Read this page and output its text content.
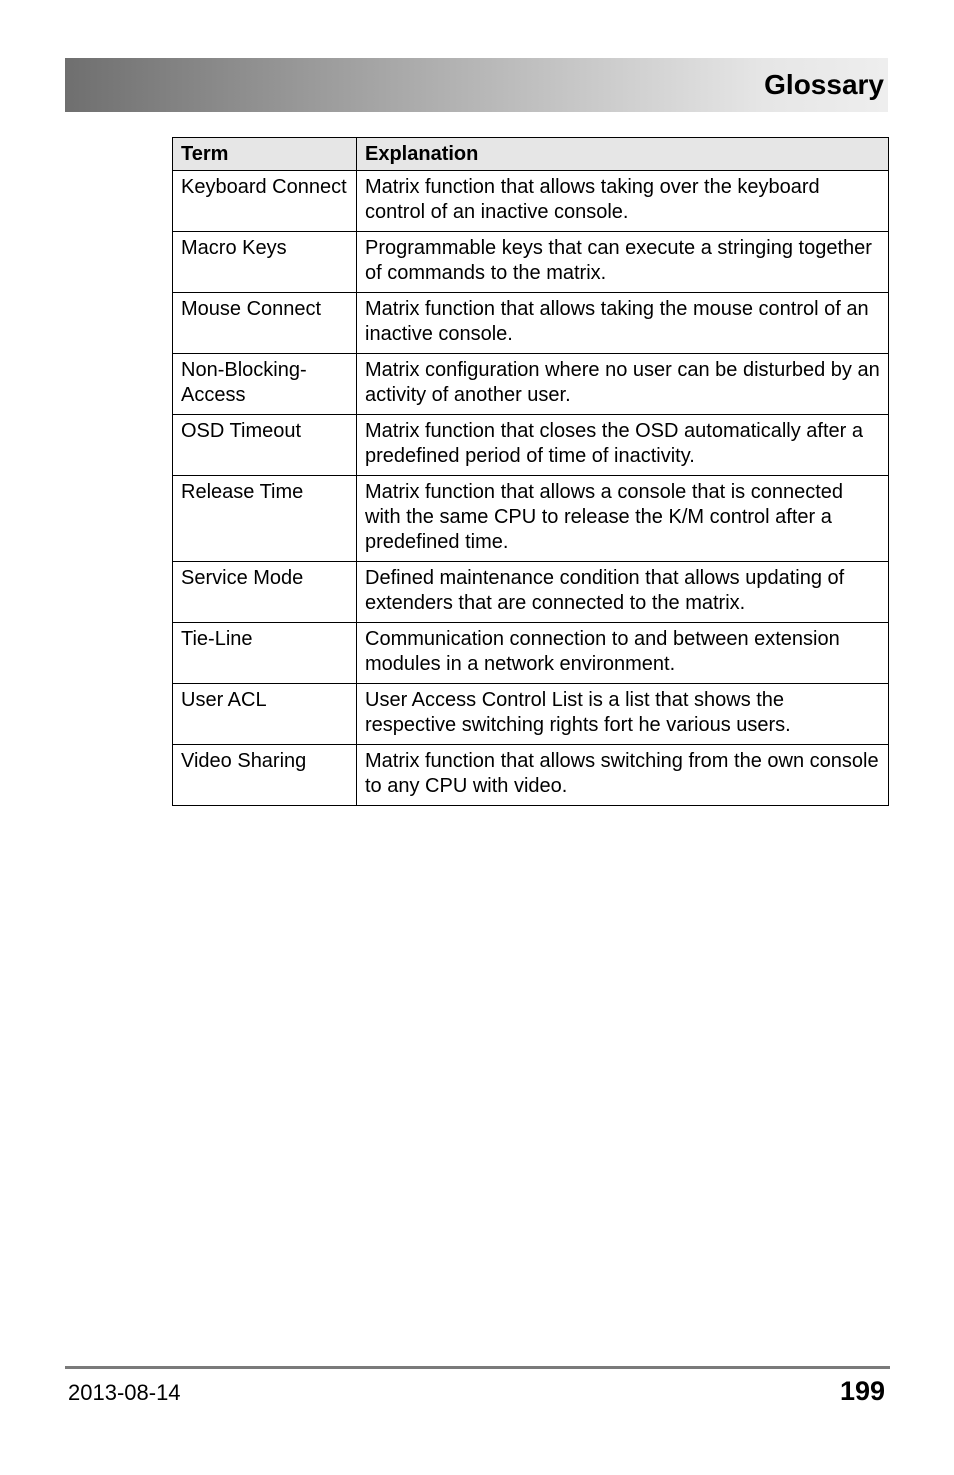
Glossary
Term	Explanation
Keyboard Connect	Matrix function that allows taking over the keyboard control of an inactive console.
Macro Keys	Programmable keys that can execute a stringing together of commands to the matrix.
Mouse Connect	Matrix function that allows taking the mouse control of an inactive console.
Non-Blocking-Access	Matrix configuration where no user can be disturbed by an activity of another user.
OSD Timeout	Matrix function that closes the OSD automatically after a predefined period of time of inactivity.
Release Time	Matrix function that allows a console that is connected with the same CPU to release the K/M control after a predefined time.
Service Mode	Defined maintenance condition that allows updating of extenders that are connected to the matrix.
Tie-Line	Communication connection to and between extension modules in a network environment.
User ACL	User Access Control List is a list that shows the respective switching rights fort he various users.
Video Sharing	Matrix function that allows switching from the own console to any CPU with video.
2013-08-14	199
